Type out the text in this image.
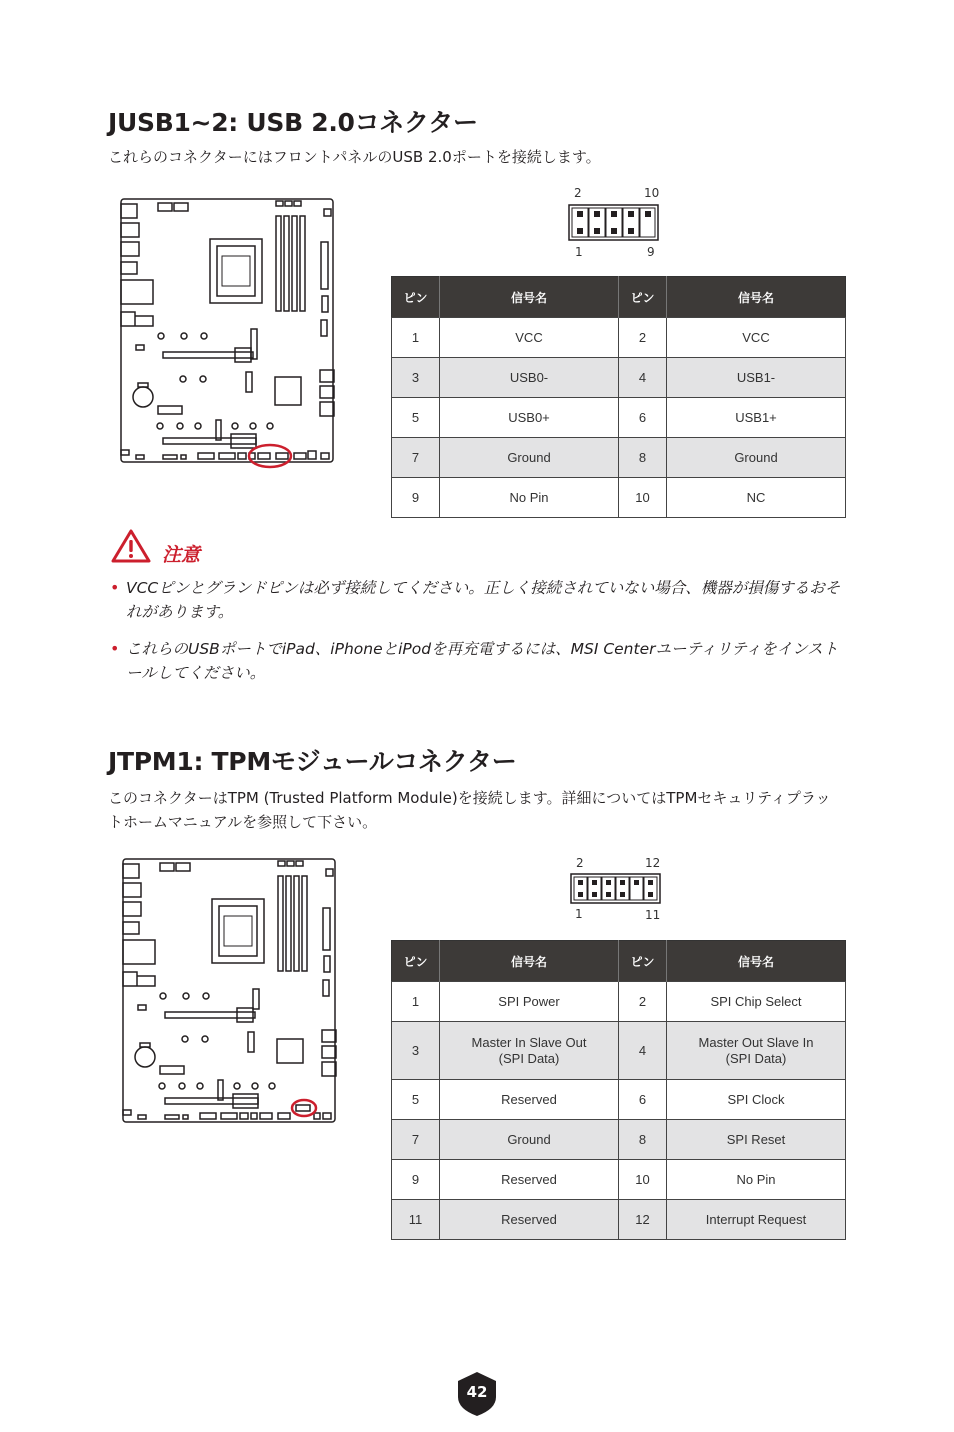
JUSB1~2: USB 2.0コネクター
これらのコネクターにはフロントパネルのUSB 2.0ポートを接続します。
2	10
1	9
ピン	信号名	ピン	信号名
1	VCC	2	VCC
3	USB0-	4	USB1-
5	USB0+	6	USB1+
7	Ground	8	Ground
9	No Pin	10	NC
注意
• VCCピンとグランドピンは必ず接続してください。正しく接続されていない場合、機器が損傷するおそれがあります。
• これらのUSBポートでiPad、iPhoneとiPodを再充電するには、MSI Centerユーティリティをインストールしてください。
JTPM1: TPMモジュールコネクター
このコネクターはTPM (Trusted Platform Module)を接続します。詳細についてはTPMセキュリティプラットホームマニュアルを参照して下さい。
2	12
1	11
ピン	信号名	ピン	信号名
1	SPI Power	2	SPI Chip Select
3	Master In Slave Out (SPI Data)	4	Master Out Slave In (SPI Data)
5	Reserved	6	SPI Clock
7	Ground	8	SPI Reset
9	Reserved	10	No Pin
11	Reserved	12	Interrupt Request
42
